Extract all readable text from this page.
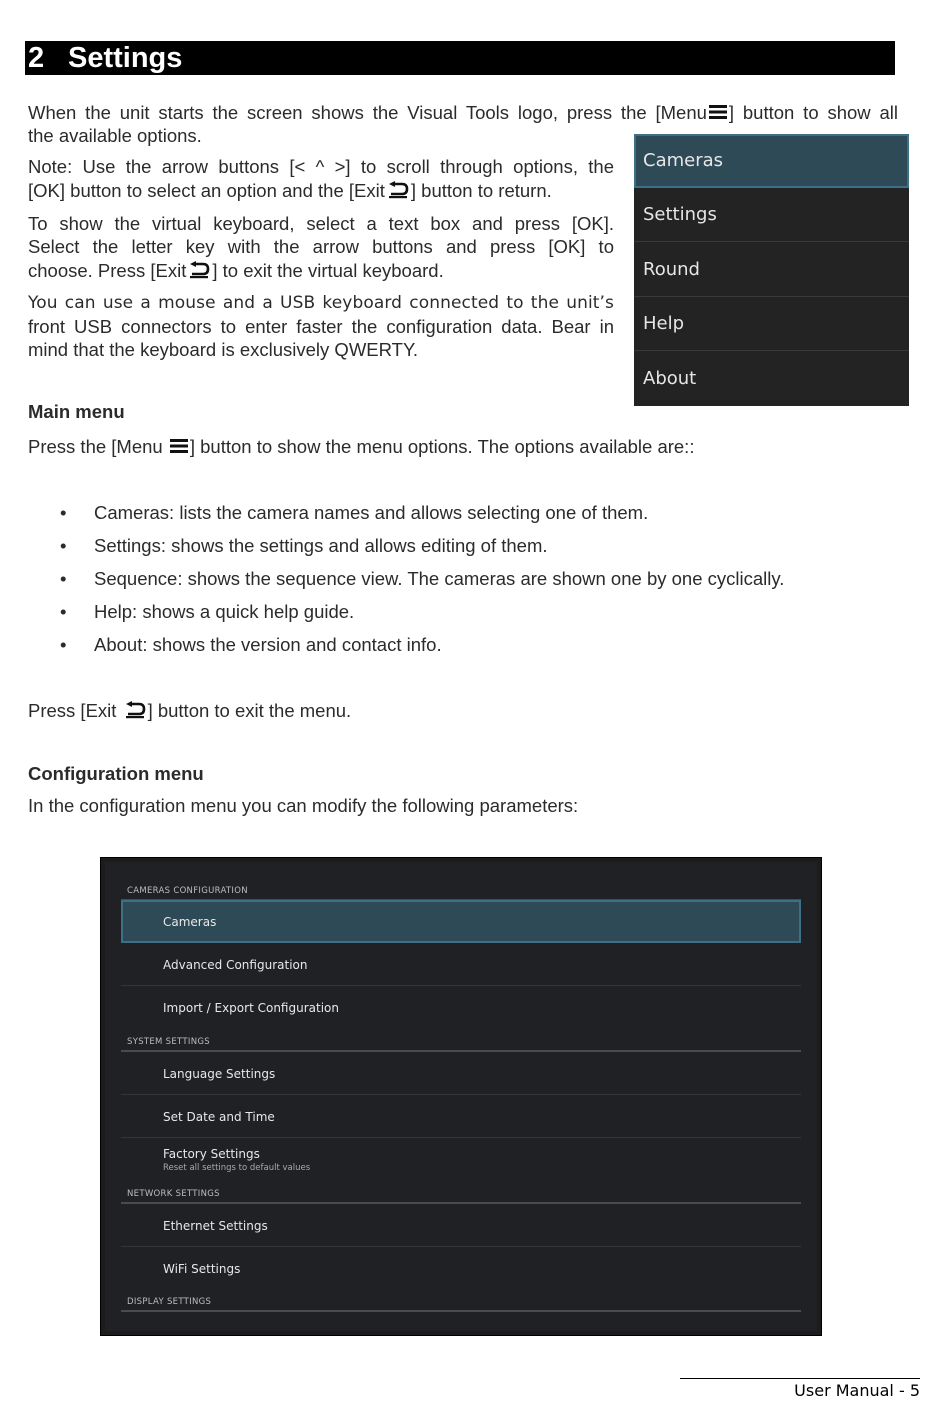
2 Settings

When the unit starts the screen shows the Visual Tools logo, press the [Menu ] button to show all

the available options.

Note: Use the arrow buttons [< ^ >] to scroll through options, the

[OK] button to select an option and the [Exit ] button to return.

To show the virtual keyboard, select a text box and press [OK].

Select the letter key with the arrow buttons and press [OK] to

choose. Press [Exit ] to exit the virtual keyboard.

You can use a mouse and a USB keyboard connected to the unit’s

front USB connectors to enter faster the configuration data. Bear in

mind that the keyboard is exclusively QWERTY.

Cameras
Settings
Round
Help
About
Main menu
Press the [Menu ] button to show the menu options. The options available are::
• Cameras: lists the camera names and allows selecting one of them.
• Settings: shows the settings and allows editing of them.
• Sequence: shows the sequence view. The cameras are shown one by one cyclically.
• Help: shows a quick help guide.
• About: shows the version and contact info.
Press [Exit ] button to exit the menu.
Configuration menu
In the configuration menu you can modify the following parameters:
CAMERAS CONFIGURATION
Cameras
Advanced Configuration
Import / Export Configuration
SYSTEM SETTINGS
Language Settings
Set Date and Time
Factory Settings
Reset all settings to default values
NETWORK SETTINGS
Ethernet Settings
WiFi Settings
DISPLAY SETTINGS
User Manual - 5
